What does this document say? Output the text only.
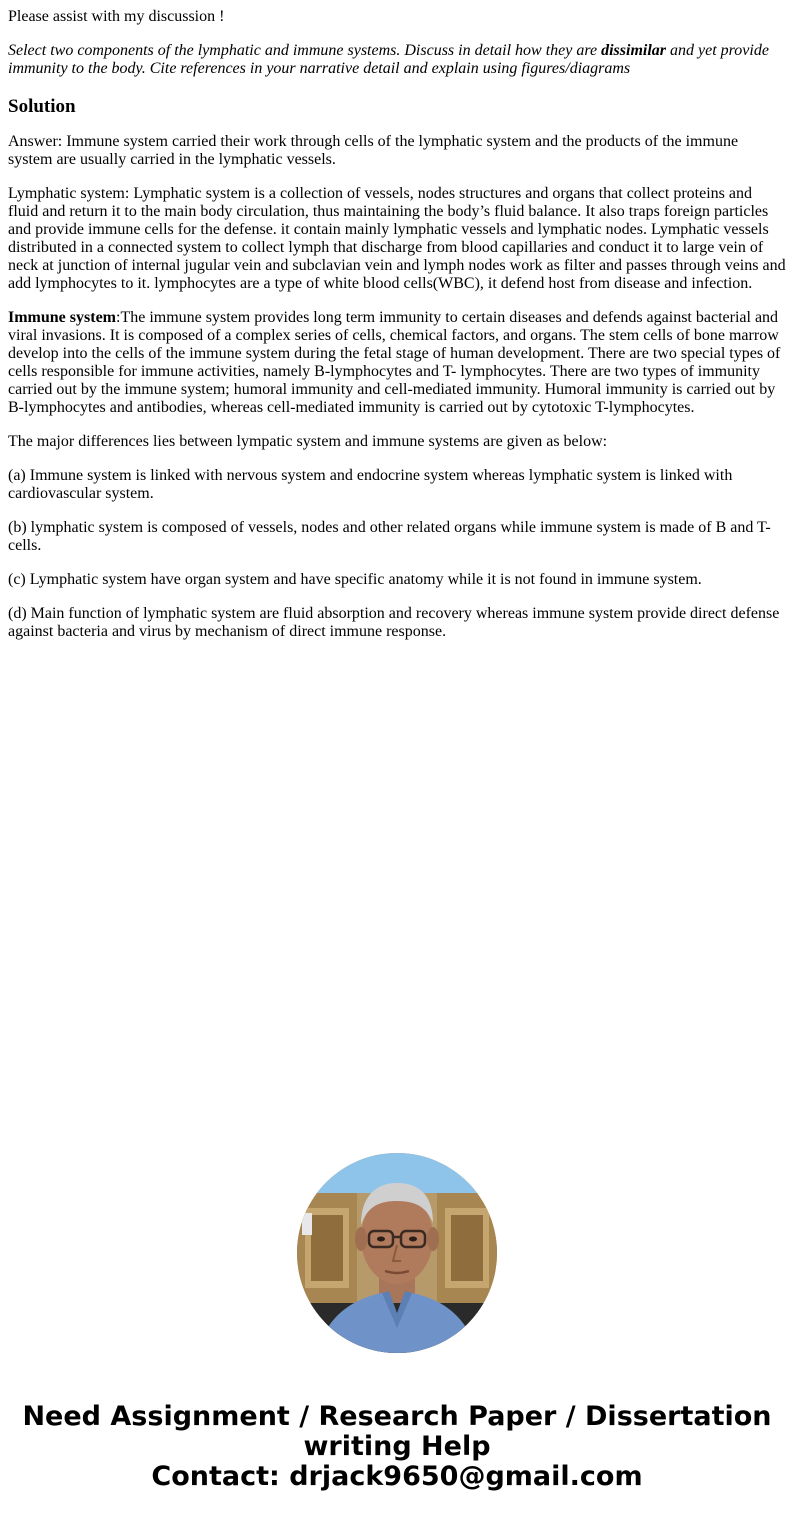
Please assist with my discussion !

Select two components of the lymphatic and immune systems. Discuss in detail how they are dissimilar and yet provide immunity to the body. Cite references in your narrative detail and explain using figures/diagrams

Solution

Answer: Immune system carried their work through cells of the lymphatic system and the products of the immune system are usually carried in the lymphatic vessels.

Lymphatic system: Lymphatic system is a collection of vessels, nodes structures and organs that collect proteins and fluid and return it to the main body circulation, thus maintaining the body’s fluid balance. It also traps foreign particles and provide immune cells for the defense. it contain mainly lymphatic vessels and lymphatic nodes. Lymphatic vessels distributed in a connected system to collect lymph that discharge from blood capillaries and conduct it to large vein of neck at junction of internal jugular vein and subclavian vein and lymph nodes work as filter and passes through veins and add lymphocytes to it. lymphocytes are a type of white blood cells(WBC), it defend host from disease and infection.

Immune system:The immune system provides long term immunity to certain diseases and defends against bacterial and viral invasions. It is composed of a complex series of cells, chemical factors, and organs. The stem cells of bone marrow develop into the cells of the immune system during the fetal stage of human development. There are two special types of cells responsible for immune activities, namely B-lymphocytes and T- lymphocytes. There are two types of immunity carried out by the immune system; humoral immunity and cell-mediated immunity. Humoral immunity is carried out by B-lymphocytes and antibodies, whereas cell-mediated immunity is carried out by cytotoxic T-lymphocytes.

The major differences lies between lympatic system and immune systems are given as below:

(a) Immune system is linked with nervous system and endocrine system whereas lymphatic system is linked with cardiovascular system.

(b) lymphatic system is composed of vessels, nodes and other related organs while immune system is made of B and T-cells.

(c) Lymphatic system have organ system and have specific anatomy while it is not found in immune system.

(d) Main function of lymphatic system are fluid absorption and recovery whereas immune system provide direct defense against bacteria and virus by mechanism of direct immune response.

Need Assignment / Research Paper / Dissertation
writing Help
Contact: drjack9650@gmail.com
